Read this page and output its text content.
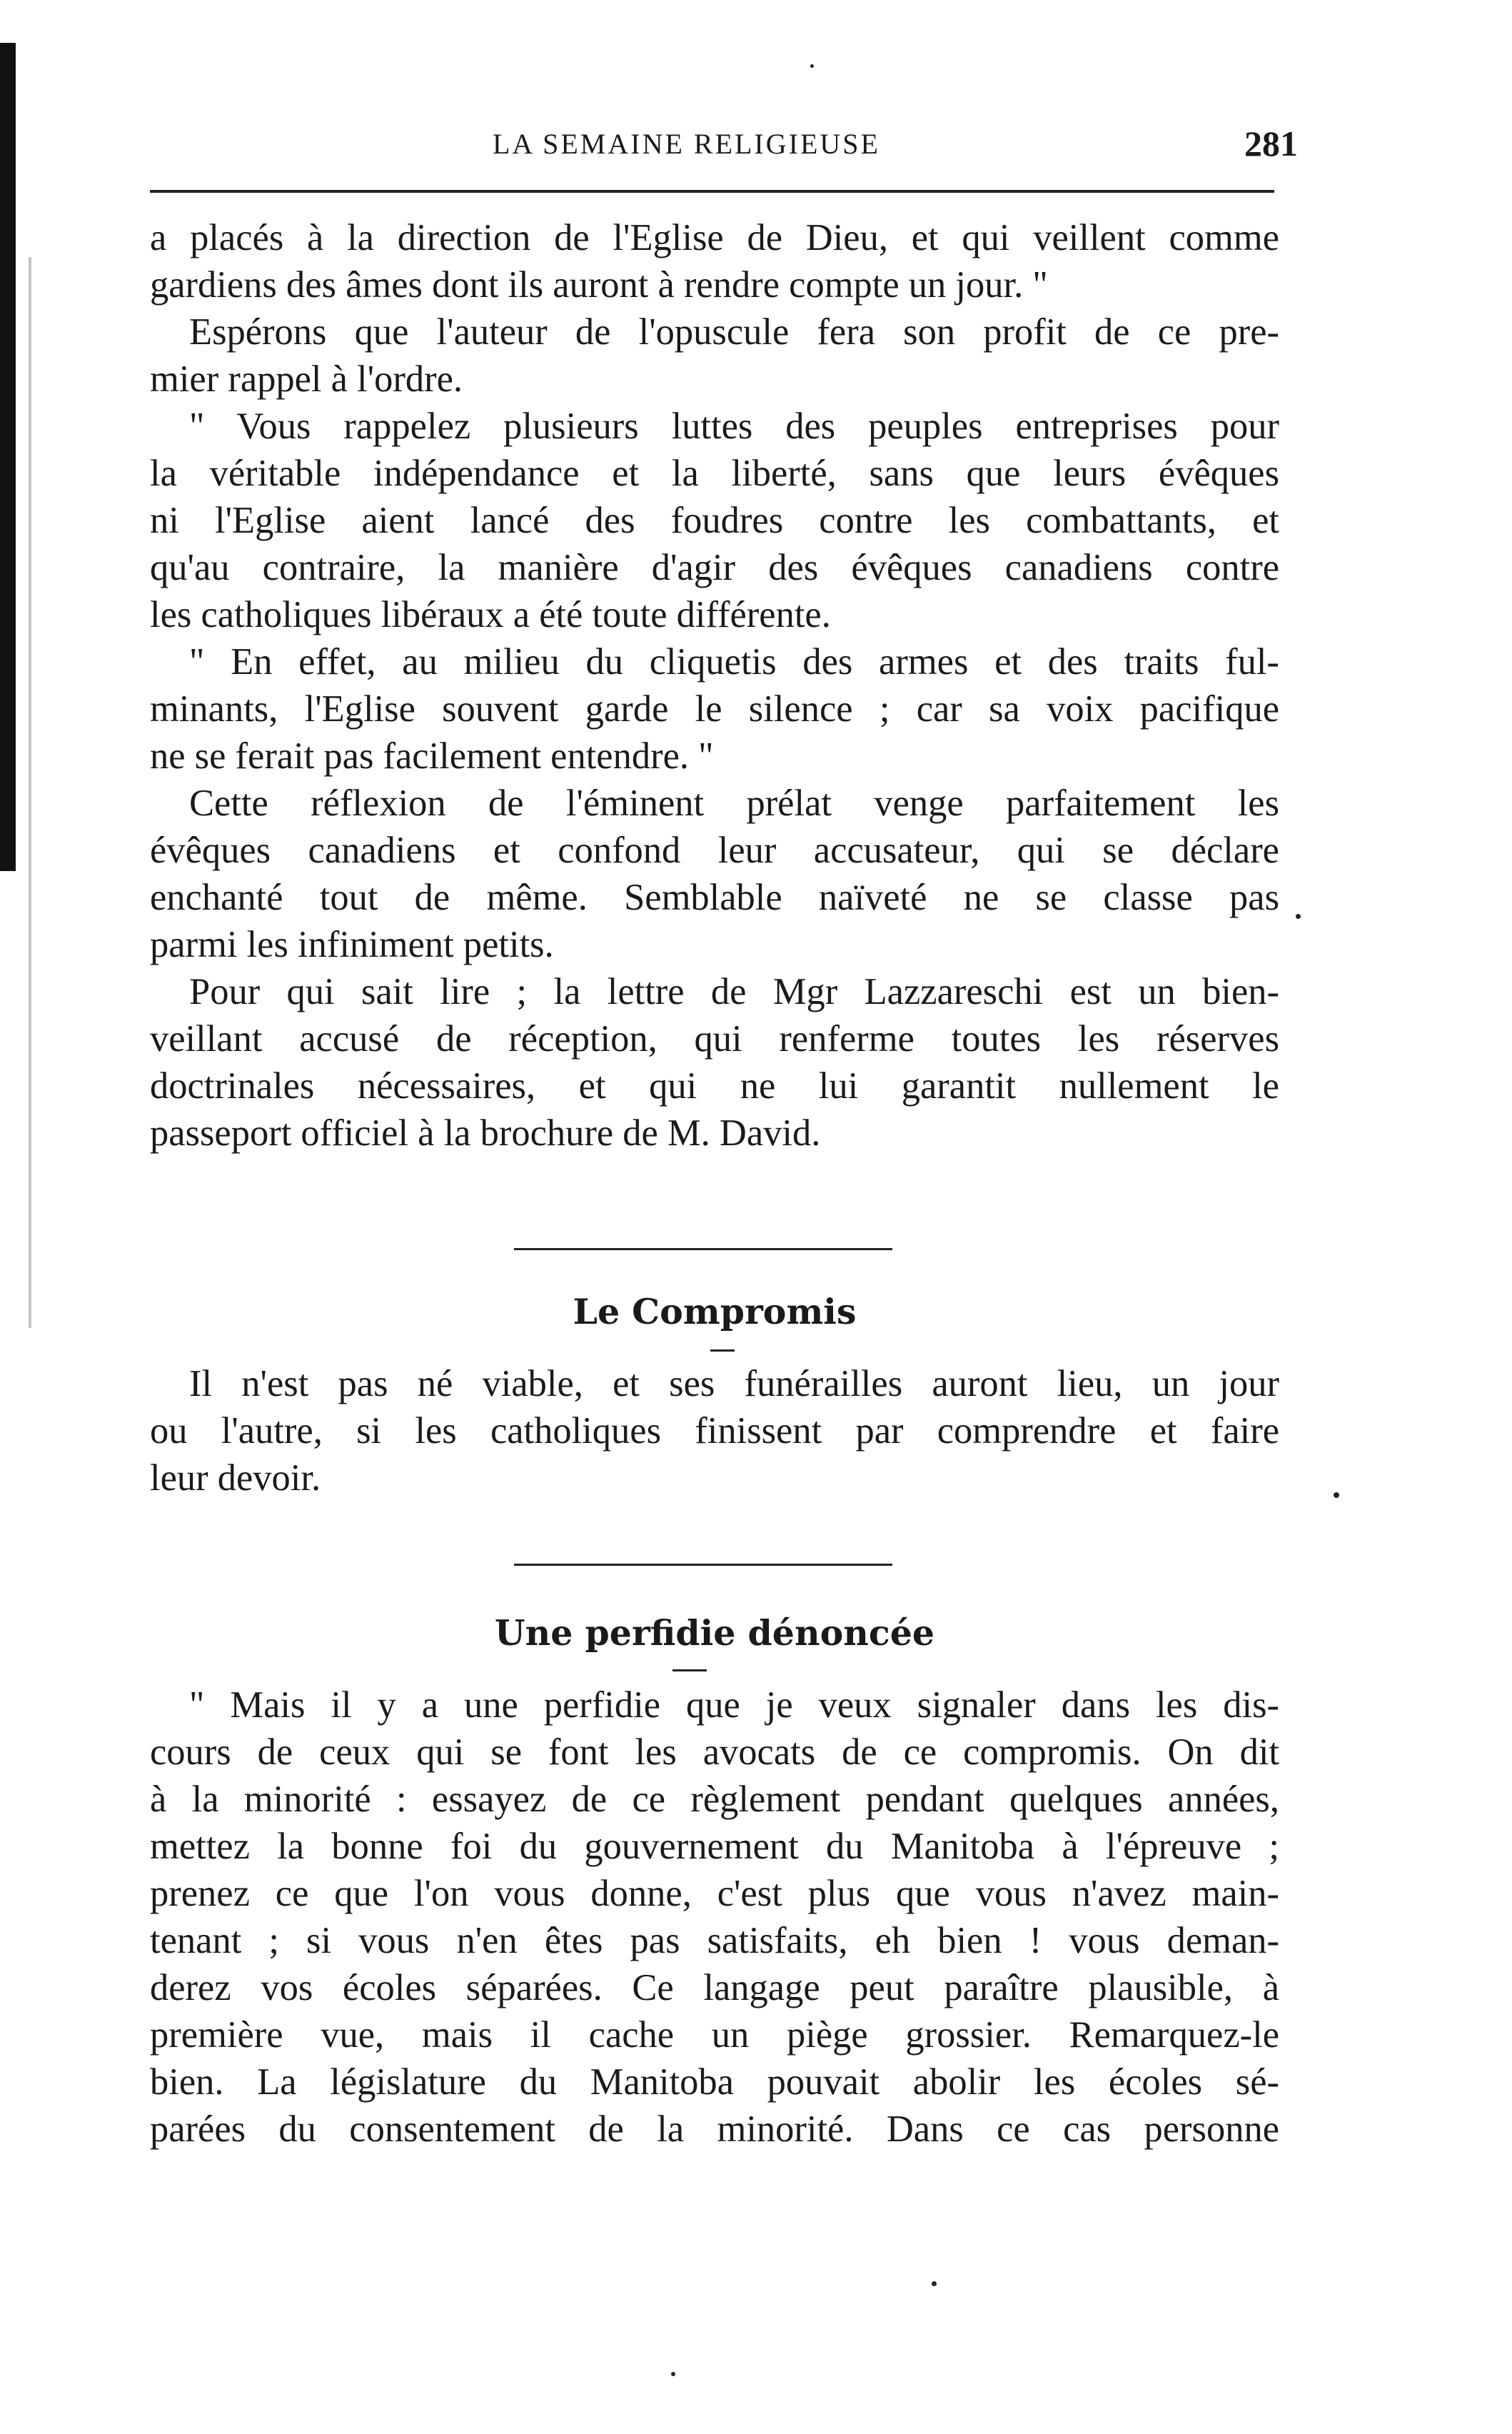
LA SEMAINE RELIGIEUSE	281
a placés à la direction de l'Eglise de Dieu, et qui veillent comme
gardiens des âmes dont ils auront à rendre compte un jour. "
Espérons que l'auteur de l'opuscule fera son profit de ce pre-
mier rappel à l'ordre.
" Vous rappelez plusieurs luttes des peuples entreprises pour
la véritable indépendance et la liberté, sans que leurs évêques
ni l'Eglise aient lancé des foudres contre les combattants, et
qu'au contraire, la manière d'agir des évêques canadiens contre
les catholiques libéraux a été toute différente.
" En effet, au milieu du cliquetis des armes et des traits ful-
minants, l'Eglise souvent garde le silence ; car sa voix pacifique
ne se ferait pas facilement entendre. "
Cette réflexion de l'éminent prélat venge parfaitement les
évêques canadiens et confond leur accusateur, qui se déclare
enchanté tout de même. Semblable naïveté ne se classe pas
parmi les infiniment petits.
Pour qui sait lire ; la lettre de Mgr Lazzareschi est un bien-
veillant accusé de réception, qui renferme toutes les réserves
doctrinales nécessaires, et qui ne lui garantit nullement le
passeport officiel à la brochure de M. David.
Le Compromis
Il n'est pas né viable, et ses funérailles auront lieu, un jour
ou l'autre, si les catholiques finissent par comprendre et faire
leur devoir.
Une perfidie dénoncée
" Mais il y a une perfidie que je veux signaler dans les dis-
cours de ceux qui se font les avocats de ce compromis. On dit
à la minorité : essayez de ce règlement pendant quelques années,
mettez la bonne foi du gouvernement du Manitoba à l'épreuve ;
prenez ce que l'on vous donne, c'est plus que vous n'avez main-
tenant ; si vous n'en êtes pas satisfaits, eh bien ! vous deman-
derez vos écoles séparées. Ce langage peut paraître plausible, à
première vue, mais il cache un piège grossier. Remarquez-le
bien. La législature du Manitoba pouvait abolir les écoles sé-
parées du consentement de la minorité. Dans ce cas personne
